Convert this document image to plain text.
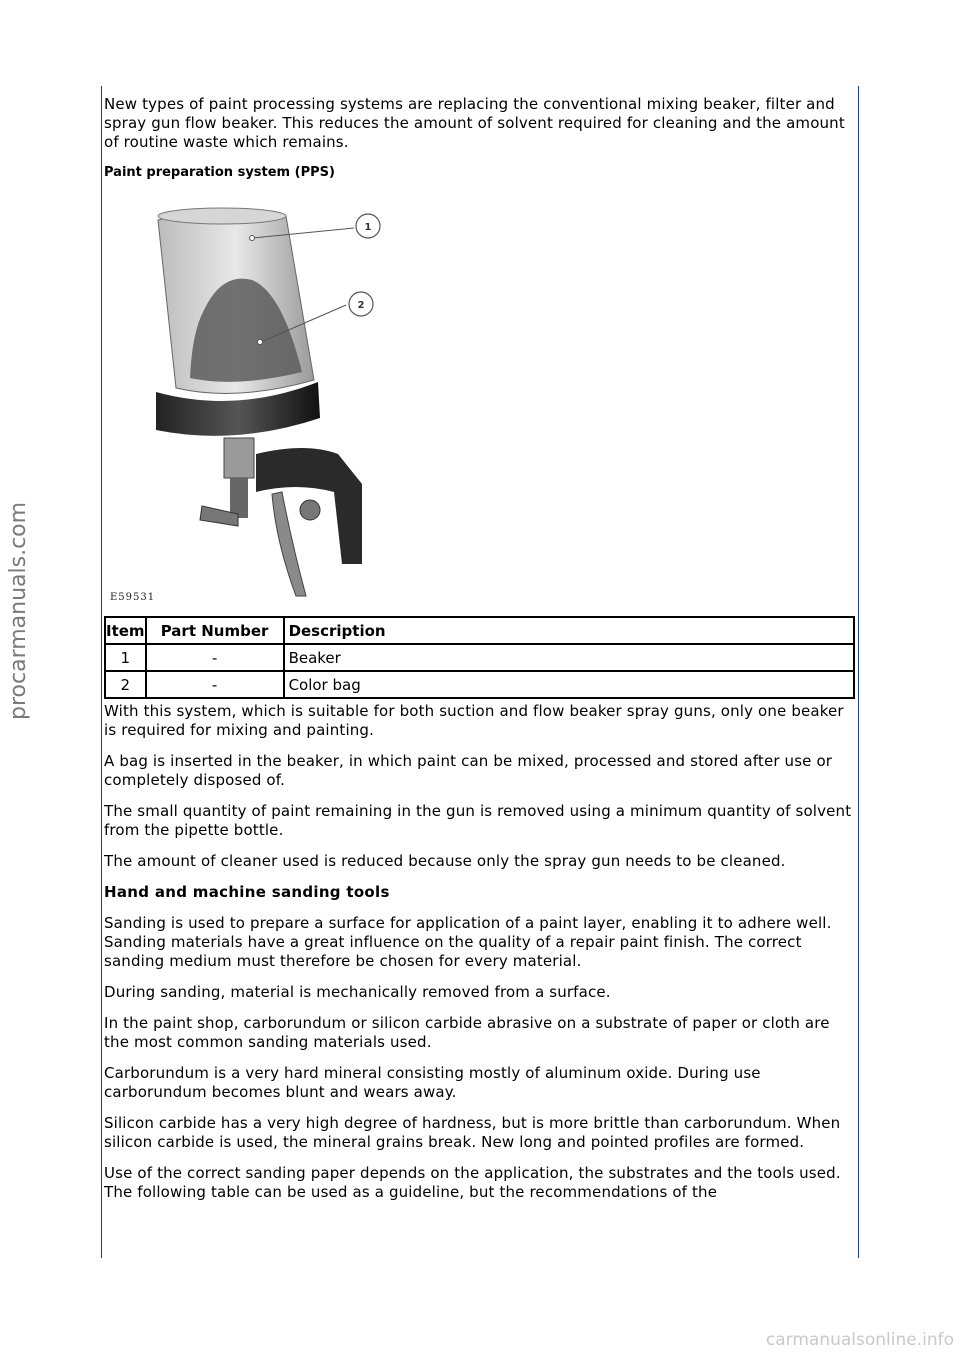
procarmanuals.com
carmanualsonline.info

New types of paint processing systems are replacing the conventional mixing beaker, filter and spray gun flow beaker. This reduces the amount of solvent required for cleaning and the amount of routine waste which remains.

Paint preparation system (PPS)
1
2
E59531
Item	Part Number	Description
1	-	Beaker
2	-	Color bag

With this system, which is suitable for both suction and flow beaker spray guns, only one beaker is required for mixing and painting.

A bag is inserted in the beaker, in which paint can be mixed, processed and stored after use or completely disposed of.

The small quantity of paint remaining in the gun is removed using a minimum quantity of solvent from the pipette bottle.

The amount of cleaner used is reduced because only the spray gun needs to be cleaned.

Hand and machine sanding tools

Sanding is used to prepare a surface for application of a paint layer, enabling it to adhere well. Sanding materials have a great influence on the quality of a repair paint finish. The correct sanding medium must therefore be chosen for every material.

During sanding, material is mechanically removed from a surface.

In the paint shop, carborundum or silicon carbide abrasive on a substrate of paper or cloth are the most common sanding materials used.

Carborundum is a very hard mineral consisting mostly of aluminum oxide. During use carborundum becomes blunt and wears away.

Silicon carbide has a very high degree of hardness, but is more brittle than carborundum. When silicon carbide is used, the mineral grains break. New long and pointed profiles are formed.

Use of the correct sanding paper depends on the application, the substrates and the tools used. The following table can be used as a guideline, but the recommendations of the
